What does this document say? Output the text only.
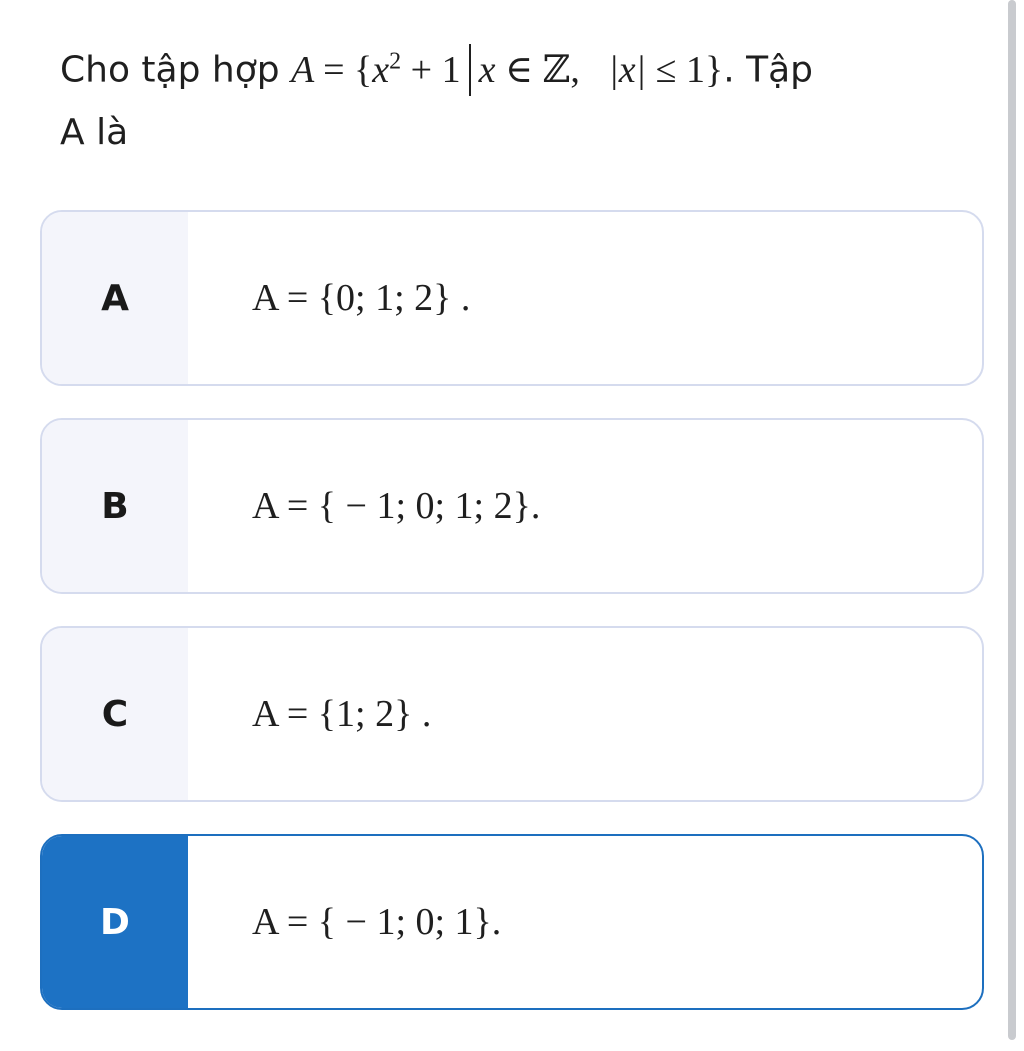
Cho tập hợp $A = \{x^2 + 1$ x ∈ ℤ, |x| ≤ 1}. Tập
A là
A	A = {0; 1; 2} .
B	A = { − 1; 0; 1; 2}.
C	A = {1; 2} .
D	A = { − 1; 0; 1}.
